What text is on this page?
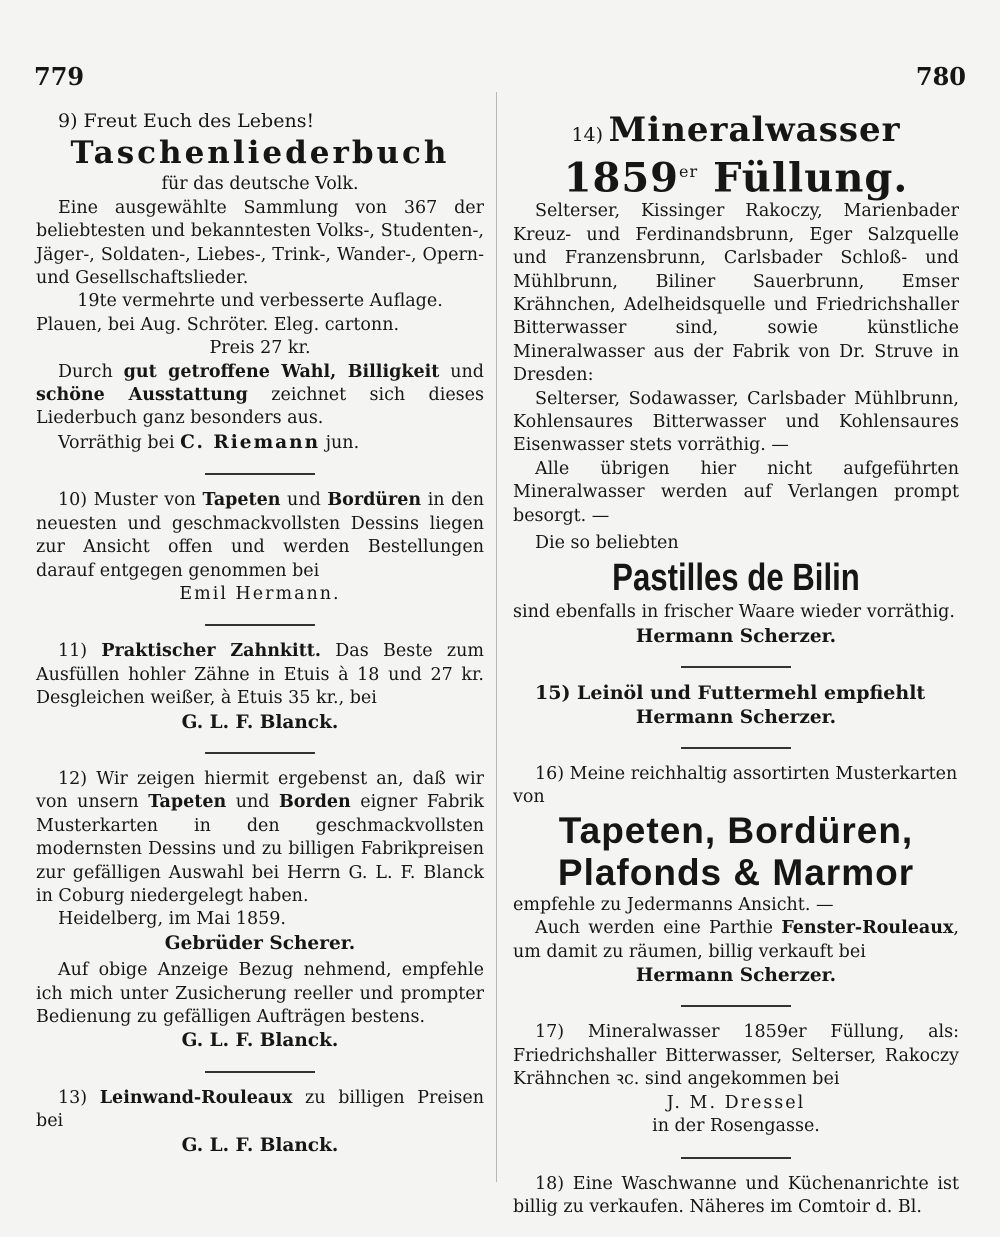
779	780

9) Freut Euch des Lebens!

Taschenliederbuch

für das deutsche Volk.

Eine ausgewählte Sammlung von 367 der beliebtesten und bekanntesten Volks-, Studenten-, Jäger-, Soldaten-, Liebes-, Trink-, Wander-, Opern- und Gesellschaftslieder.

19te vermehrte und verbesserte Auflage.

Plauen, bei Aug. Schröter. Eleg. cartonn.

Preis 27 kr.

Durch gut getroffene Wahl, Billigkeit und schöne Ausstattung zeichnet sich dieses Liederbuch ganz besonders aus.

Vorräthig bei C. Riemann jun.

10) Muster von Tapeten und Bordüren in den neuesten und geschmackvollsten Dessins liegen zur Ansicht offen und werden Bestellungen darauf entgegen genommen bei

Emil Hermann.

11) Praktischer Zahnkitt. Das Beste zum Ausfüllen hohler Zähne in Etuis à 18 und 27 kr. Desgleichen weißer, à Etuis 35 kr., bei

G. L. F. Blanck.

12) Wir zeigen hiermit ergebenst an, daß wir von unsern Tapeten und Borden eigner Fabrik Musterkarten in den geschmackvollsten modernsten Dessins und zu billigen Fabrikpreisen zur gefälligen Auswahl bei Herrn G. L. F. Blanck in Coburg niedergelegt haben.

Heidelberg, im Mai 1859.

Gebrüder Scherer.

Auf obige Anzeige Bezug nehmend, empfehle ich mich unter Zusicherung reeller und prompter Bedienung zu gefälligen Aufträgen bestens.

G. L. F. Blanck.

13) Leinwand-Rouleaux zu billigen Preisen bei

G. L. F. Blanck.

14) Mineralwasser

1859er Füllung.

Selterser, Kissinger Rakoczy, Marienbader Kreuz- und Ferdinandsbrunn, Eger Salzquelle und Franzensbrunn, Carlsbader Schloß- und Mühlbrunn, Biliner Sauerbrunn, Emser Krähnchen, Adelheidsquelle und Friedrichshaller Bitterwasser sind, sowie künstliche Mineralwasser aus der Fabrik von Dr. Struve in Dresden:

Selterser, Sodawasser, Carlsbader Mühlbrunn, Kohlensaures Bitterwasser und Kohlensaures Eisenwasser stets vorräthig. —

Alle übrigen hier nicht aufgeführten Mineralwasser werden auf Verlangen prompt besorgt. —

Die so beliebten

Pastilles de Bilin

sind ebenfalls in frischer Waare wieder vorräthig.

Hermann Scherzer.

15) Leinöl und Futtermehl empfiehlt

Hermann Scherzer.

16) Meine reichhaltig assortirten Musterkarten von

Tapeten, Bordüren,

Plafonds & Marmor

empfehle zu Jedermanns Ansicht. —

Auch werden eine Parthie Fenster-Rouleaux, um damit zu räumen, billig verkauft bei

Hermann Scherzer.

17) Mineralwasser 1859er Füllung, als: Friedrichshaller Bitterwasser, Selterser, Rakoczy Krähnchen ꝛc. sind angekommen bei

J. M. Dressel

in der Rosengasse.

18) Eine Waschwanne und Küchenanrichte ist billig zu verkaufen. Näheres im Comtoir d. Bl.
